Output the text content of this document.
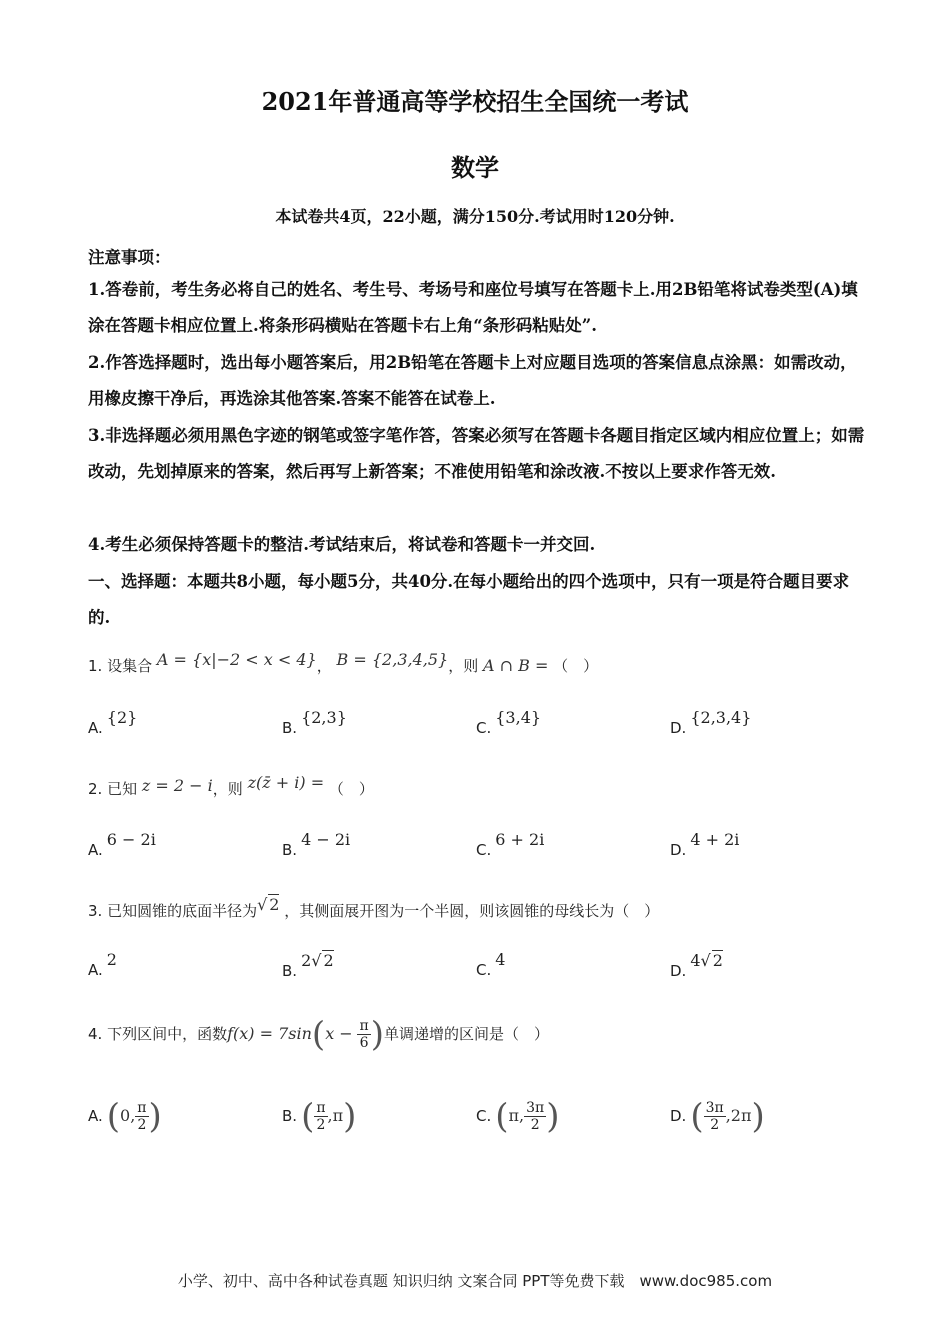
2021年普通高等学校招生全国统一考试
数学
本试卷共4页，22小题，满分150分.考试用时120分钟.
注意事项：
1.答卷前，考生务必将自己的姓名、考生号、考场号和座位号填写在答题卡上.用2B铅笔将试卷类型(A)填涂在答题卡相应位置上.将条形码横贴在答题卡右上角“条形码粘贴处”.
2.作答选择题时，选出每小题答案后，用2B铅笔在答题卡上对应题目选项的答案信息点涂黑：如需改动，用橡皮擦干净后，再选涂其他答案.答案不能答在试卷上.
3.非选择题必须用黑色字迹的钢笔或签字笔作答，答案必须写在答题卡各题目指定区域内相应位置上；如需改动，先划掉原来的答案，然后再写上新答案；不准使用铅笔和涂改液.不按以上要求作答无效.
4.考生必须保持答题卡的整洁.考试结束后，将试卷和答题卡一并交回.
一、选择题：本题共8小题，每小题5分，共40分.在每小题给出的四个选项中，只有一项是符合题目要求的.
1. 设集合 A = {x|−2 < x < 4}， B = {2,3,4,5}，则 A ∩ B = （　）
A.{2}
B.{2,3}
C.{3,4}
D.{2,3,4}
2. 已知 z = 2 − i，则 z(z̄ + i) = （　）
A.6 − 2i
B.4 − 2i
C.6 + 2i
D.4 + 2i
3. 已知圆锥的底面半径为√ 2 ，其侧面展开图为一个半圆，则该圆锥的母线长为（　）
A.2
B.2√ 2	C.4
D.4√ 2
4. 下列区间中，函数$f(x) = 7\sin(x - \frac{\pi}{6}$ )单调递增的区间是（　）
A. (0, $\frac{\pi}{2}$ )	B. ( $\frac{\pi}{2} ,\pi$)	C. (π, $\frac{3\pi}{2}$ )	D. ( $\frac{3\pi}{2} ,2\pi$)
小学、初中、高中各种试卷真题 知识归纳 文案合同 PPT等免费下载　www.doc985.com
